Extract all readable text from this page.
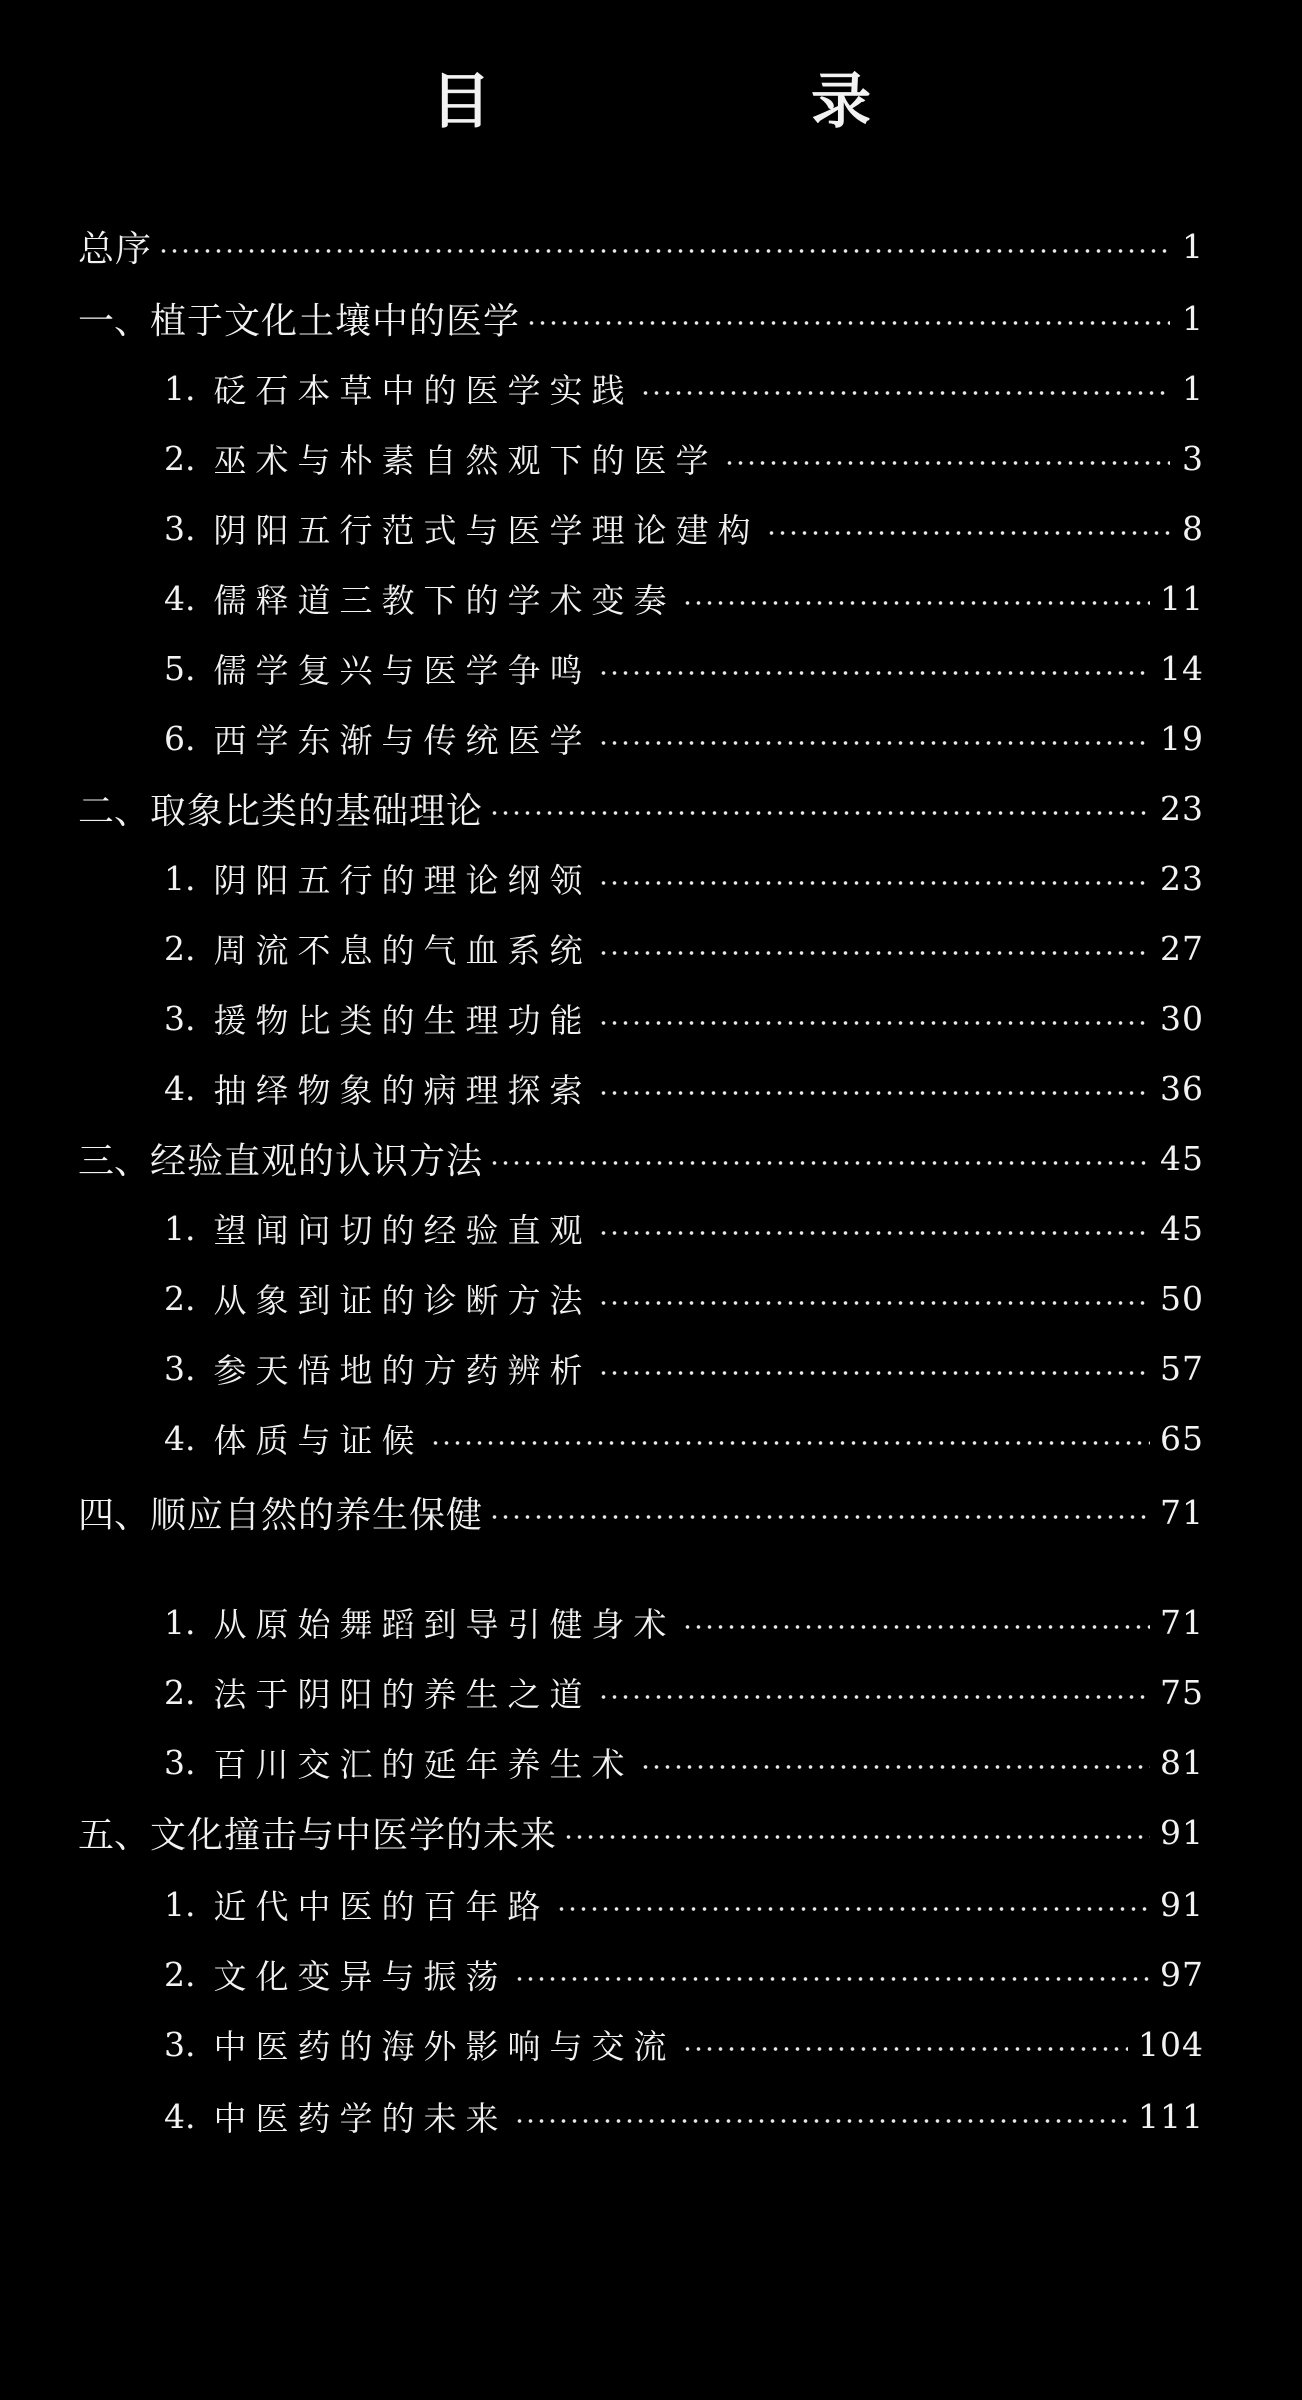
目　录
总序	1
一、 植于文化土壤中的医学	1
1. 砭石本草中的医学实践	1
2. 巫术与朴素自然观下的医学	3
3. 阴阳五行范式与医学理论建构	8
4. 儒释道三教下的学术变奏	11
5. 儒学复兴与医学争鸣	14
6. 西学东渐与传统医学	19
二、 取象比类的基础理论	23
1. 阴阳五行的理论纲领	23
2. 周流不息的气血系统	27
3. 援物比类的生理功能	30
4. 抽绎物象的病理探索	36
三、 经验直观的认识方法	45
1. 望闻问切的经验直观	45
2. 从象到证的诊断方法	50
3. 参天悟地的方药辨析	57
4. 体质与证候	65
四、 顺应自然的养生保健	71
1. 从原始舞蹈到导引健身术	71
2. 法于阴阳的养生之道	75
3. 百川交汇的延年养生术	81
五、 文化撞击与中医学的未来	91
1. 近代中医的百年路	91
2. 文化变异与振荡	97
3. 中医药的海外影响与交流	104
4. 中医药学的未来	111
